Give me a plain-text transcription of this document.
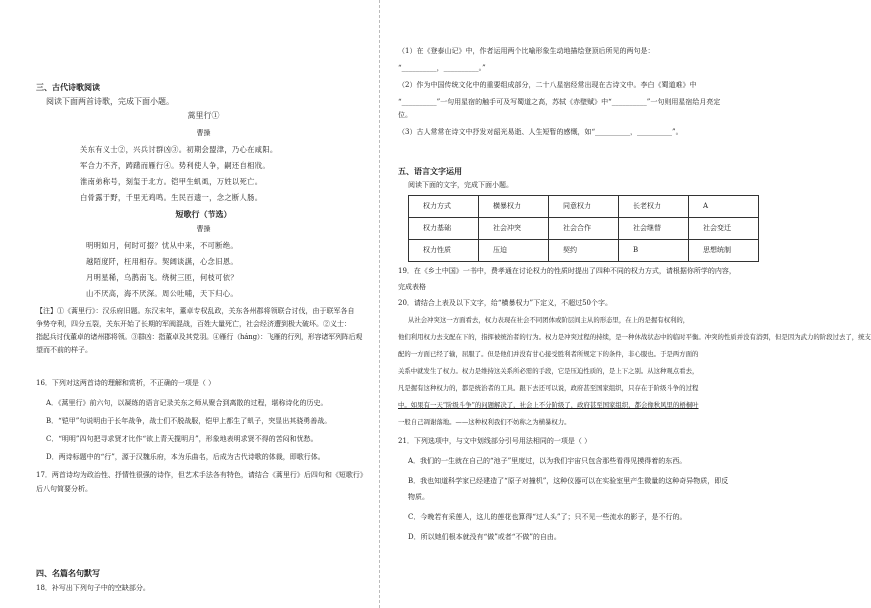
三、古代诗歌阅读
阅读下面两首诗歌，完成下面小题。
蒿里行①
曹操
关东有义士②，兴兵讨群凶③。初期会盟津，乃心在咸阳。
军合力不齐，踌躇而雁行④。势利使人争，嗣还自相戕。
淮南弟称号，刻玺于北方。铠甲生虮虱，万姓以死亡。
白骨露于野，千里无鸡鸣。生民百遗一，念之断人肠。
短歌行（节选）
曹操
明明如月，何时可掇？忧从中来，不可断绝。
越陌度阡，枉用相存。契阔谈讌，心念旧恩。
月明星稀，乌鹊南飞。绕树三匝，何枝可依？
山不厌高，海不厌深。周公吐哺，天下归心。
【注】①《蒿里行》：汉乐府旧题。东汉末年，董卓专权乱政，关东各州郡将领联合讨伐，由于联军各自
争势夺利，四分五裂，关东开始了长期的军阀混战，百姓大量死亡，社会经济遭到极大破坏。②义士：
指起兵讨伐董卓的诸州郡将领。③群凶：指董卓及其党羽。④雁行（háng）：飞雁的行列，形容诸军列阵后观
望而不前的样子。
16．下列对这两首诗的理解和赏析，不正确的一项是（ ）
A．《蒿里行》前六句，以凝练的语言记录关东之师从聚合到离散的过程，堪称诗化的历史。
B．“铠甲”句说明由于长年战争，战士们不脱战服，铠甲上都生了虮子，突显出其骁勇善战。
C．“明明”四句把寻求贤才比作“欲上青天揽明月”，形象地表明求贤不得的苦闷和忧愁。
D．两诗标题中的“行”，源于汉魏乐府，本为乐曲名，后成为古代诗歌的体裁，即歌行体。
17．两首诗均为政治性、抒情性很强的诗作，但艺术手法各有特色，请结合《蒿里行》后四句和《短歌行》
后八句简要分析。
四、名篇名句默写
18．补写出下列句子中的空缺部分。
（1）在《登泰山记》中，作者运用两个比喻形象生动地描绘登顶后所见的两句是：
“__________，__________。”
（2）作为中国传统文化中的重要组成部分，二十八星宿经常出现在古诗文中。李白《蜀道难》中
“__________”一句用星宿的触手可及写蜀道之高，苏轼《赤壁赋》中“__________”一句则用星宿给月亮定
位。
（3）古人常常在诗文中抒发对韶光易逝、人生短暂的感慨，如“__________，__________”。
五、语言文字运用
阅读下面的文字，完成下面小题。
权力方式	横暴权力	同意权力	长老权力	A
权力基础	社会冲突	社会合作	社会继替	社会变迁
权力性质	压迫	契约	B	思想统制
19．在《乡土中国》一书中，费孝通在讨论权力的性质时提出了四种不同的权力方式，请根据你所学的内容，
完成表格
20．请结合上表及以下文字，给“横暴权力”下定义，不超过50个字。
从社会冲突这一方面看去，权力表现在社会不同团体或阶层间主从的形态里，在上的是握有权利的，
他们利用权力去支配在下的，指挥被统治者的行为。权力是冲突过程的持续，是一种休战状态中的临时平衡。冲突的性质并没有消弭，但是因为武力的阶段过去了，统支
配的一方面已经了输，屈服了。但是他们并没有甘心接受胜利者所规定下的条件，非心服也。于是两方面的
关系中就发生了权力。权力是维持这关系所必需的手段，它是压迫性质的，是上下之别。从这种观点看去，
凡是握有这种权力的，都是统治者的工具。跟下去还可以说，政府甚至国家组织，只存在于阶级斗争的过程
中。如果有一天“阶级斗争”的问题解决了，社会上不分阶级了，政府甚至国家组织，都会像秋风里的梧桐叶
一般自己凋谢落地。——这种权利我们不妨称之为横暴权力。
21．下列选项中，与文中划线部分引号用法相同的一项是（ ）
A．我们的一生就在自己的“池子”里度过，以为我们宇宙只包含那些看得见摸得着的东西。
B．我也知道科学家已经建造了“原子对撞机”，这种仪器可以在实验室里产生微量的这种奇异物质，即反
物质。
C．今晚若有采莲人，这儿的莲花也算得“过人头”了；只不见一些流水的影子，是不行的。
D．所以她们根本就没有“做”或者“不做”的自由。
